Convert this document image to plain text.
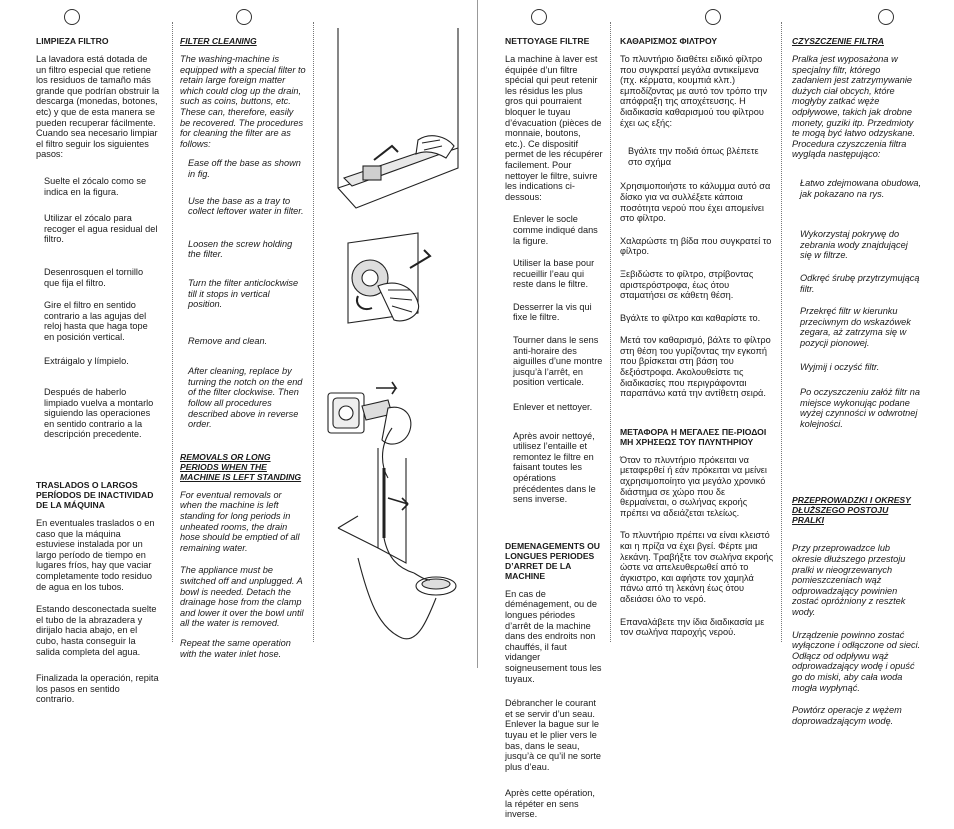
LIMPIEZA FILTRO

La lavadora está dotada de un filtro especial que retiene los residuos de tamaño más grande que podrían obstruir la descarga (monedas, botones, etc) y que de esta manera se pueden recuperar fácilmente. Cuando sea necesario limpiar el filtro seguir los siguientes pasos:

Suelte el zócalo como se indica en la figura.

Utilizar el zócalo para recoger el agua residual del filtro.

Desenrosquen el tornillo que fija el filtro.

Gire el filtro en sentido contrario a las agujas del reloj hasta que haga tope en posición vertical.

Extráigalo y límpielo.

Después de haberlo limpiado vuelva a montarlo siguiendo las operaciones en sentido contrario a la descripción precedente.

TRASLADOS O LARGOS PERÍODOS DE INACTIVIDAD DE LA MÁQUINA

En eventuales traslados o en caso que la máquina estuviese instalada por un largo período de tiempo en lugares fríos, hay que vaciar completamente todo residuo de agua en los tubos.

Estando desconectada suelte el tubo de la abrazadera y dirijalo hacia abajo, en el cubo, hasta conseguir la salida completa del agua.

Finalizada la operación, repita los pasos en sentido contrario.

FILTER CLEANING

The washing-machine is equipped with a special filter to retain large foreign matter which could clog up the drain, such as coins, buttons, etc. These can, therefore, easily be recovered. The procedures for cleaning the filter are as follows:

Ease off the base as shown in fig.

Use the base as a tray to collect leftover water in filter.

Loosen the screw holding the filter.

Turn the filter anticlockwise till it stops in vertical position.

Remove and clean.

After cleaning, replace by turning the notch on the end of the filter clockwise. Then follow all procedures described above in reverse order.

REMOVALS OR LONG PERIODS WHEN THE MACHINE IS LEFT STANDING

For eventual removals or when the machine is left standing for long periods in unheated rooms, the drain hose should be emptied of all remaining water.

The appliance must be switched off and unplugged. A bowl is needed. Detach the drainage hose from the clamp and lower it over the bowl until all the water is removed.

Repeat the same operation with the water inlet hose.

NETTOYAGE FILTRE

La machine à laver est équipée d’un filtre spécial qui peut retenir les résidus les plus gros qui pourraient bloquer le tuyau d’évacuation (pièces de monnaie, boutons, etc.). Ce dispositif permet de les récupérer facilement. Pour nettoyer le filtre, suivre les indications ci-dessous:

Enlever le socle comme indiqué dans la figure.

Utiliser la base pour recueillir l’eau qui reste dans le filtre.

Desserrer la vis qui fixe le filtre.

Tourner dans le sens anti-horaire des aiguilles d’une montre jusqu’à l’arrêt, en position verticale.

Enlever et nettoyer.

Après avoir nettoyé, utilisez l’entaille et remontez le filtre en faisant toutes les opérations précédentes dans le sens inverse.

DEMENAGEMENTS OU LONGUES PERIODES D’ARRET DE LA MACHINE

En cas de déménagement, ou de longues périodes d’arrêt de la machine dans des endroits non chauffés, il faut vidanger soigneusement tous les tuyaux.

Débrancher le courant et se servir d’un seau.

Enlever la bague sur le tuyau et le plier vers le bas, dans le seau, jusqu’à ce qu’il ne sorte plus d’eau.

Après cette opération, la répéter en sens inverse.

ΚΑΘΑΡΙΣΜΟΣ ΦΙΛΤΡΟΥ

Το πλυντήριο διαθέτει ειδικό φίλτρο που συγκρατεί μεγάλα αντικείμενα (πχ. κέρματα, κουμπιά κλπ.) εμποδίζοντας με αυτό τον τρόπο την απόφραξη της αποχέτευσης. Η διαδικασία καθαρισμού του φίλτρου έχει ως εξής:

Βγάλτε την ποδιά όπως βλέπετε στο σχήμα

Χρησιμοποιήστε το κάλυμμα αυτό σα δίσκο για να συλλέξετε κάποια ποσότητα νερού που έχει απομείνει στο φίλτρο.

Χαλαρώστε τη βίδα που συγκρατεί το φίλτρο.

Ξεβιδώστε το φίλτρο, στρίβοντας αριστερόστροφα, έως ότου σταματήσει σε κάθετη θέση.

Βγάλτε το φίλτρο και καθαρίστε το.

Μετά τον καθαρισμό, βάλτε το φίλτρο στη θέση του γυρίζοντας την εγκοπή που βρίσκεται στη βάση του δεξιόστροφα. Ακολουθείστε τις διαδικασίες που περιγράφονται παραπάνω κατά την αντίθετη σειρά.

ΜΕΤΑΦΟΡΑ Η ΜΕΓΑΛΕΣ ΠΕ-ΡΙΟΔΟΙ ΜΗ ΧΡΗΣΕΩΣ ΤΟΥ ΠΛΥΝΤΗΡΙΟΥ

Όταν το πλυντήριο πρόκειται να μεταφερθεί ή εάν πρόκειται να μείνει αχρησιμοποίητο για μεγάλο χρονικό διάστημα σε χώρο που δε θερμαίνεται, ο σωλήνας εκροής πρέπει να αδειάζεται τελείως.

Το πλυντήριο πρέπει να είναι κλειστό και η πρίζα να έχει βγεί. Φέρτε μια λεκάνη. Τραβήξτε τον σωλήνα εκροής ώστε να απελευθερωθεί από το άγκιστρο, και αφήστε τον χαμηλά πάνω από τη λεκάνη έως ότου αδειάσει όλο το νερό.

Επαναλάβετε την ίδια διαδικασία με τον σωλήνα παροχής νερού.

CZYSZCZENIE FILTRA

Pralka jest wyposażona w specjalny filtr, którego zadaniem jest zatrzymywanie dużych ciał obcych, które mogłyby zatkać węże odpływowe, takich jak drobne monety, guziki itp. Przedmioty te mogą być łatwo odzyskane. Procedura czyszczenia filtra wygląda następująco:

Łatwo zdejmowana obudowa, jak pokazano na rys.

Wykorzystaj pokrywę do zebrania wody znajdującej się w filtrze.

Odkręć śrubę przytrzymującą filtr.

Przekręć filtr w kierunku przeciwnym do wskazówek zegara, aż zatrzyma się w pozycji pionowej.

Wyjmij i oczyść filtr.

Po oczyszczeniu załóż filtr na miejsce wykonując podane wyżej czynności w odwrotnej kolejności.

PRZEPROWADZKI I OKRESY DŁUŻSZEGO POSTOJU PRALKI

Przy przeprowadzce lub okresie dłuższego przestoju pralki w nieogrzewanych pomieszczeniach wąż odprowadzający powinien zostać opróżniony z resztek wody.

Urządzenie powinno zostać wyłączone i odłączone od sieci. Odłącz od odpływu wąż odprowadzający wodę i opuść go do miski, aby cała woda mogła wypłynąć.

Powtórz operacje z wężem doprowadzającym wodę.
